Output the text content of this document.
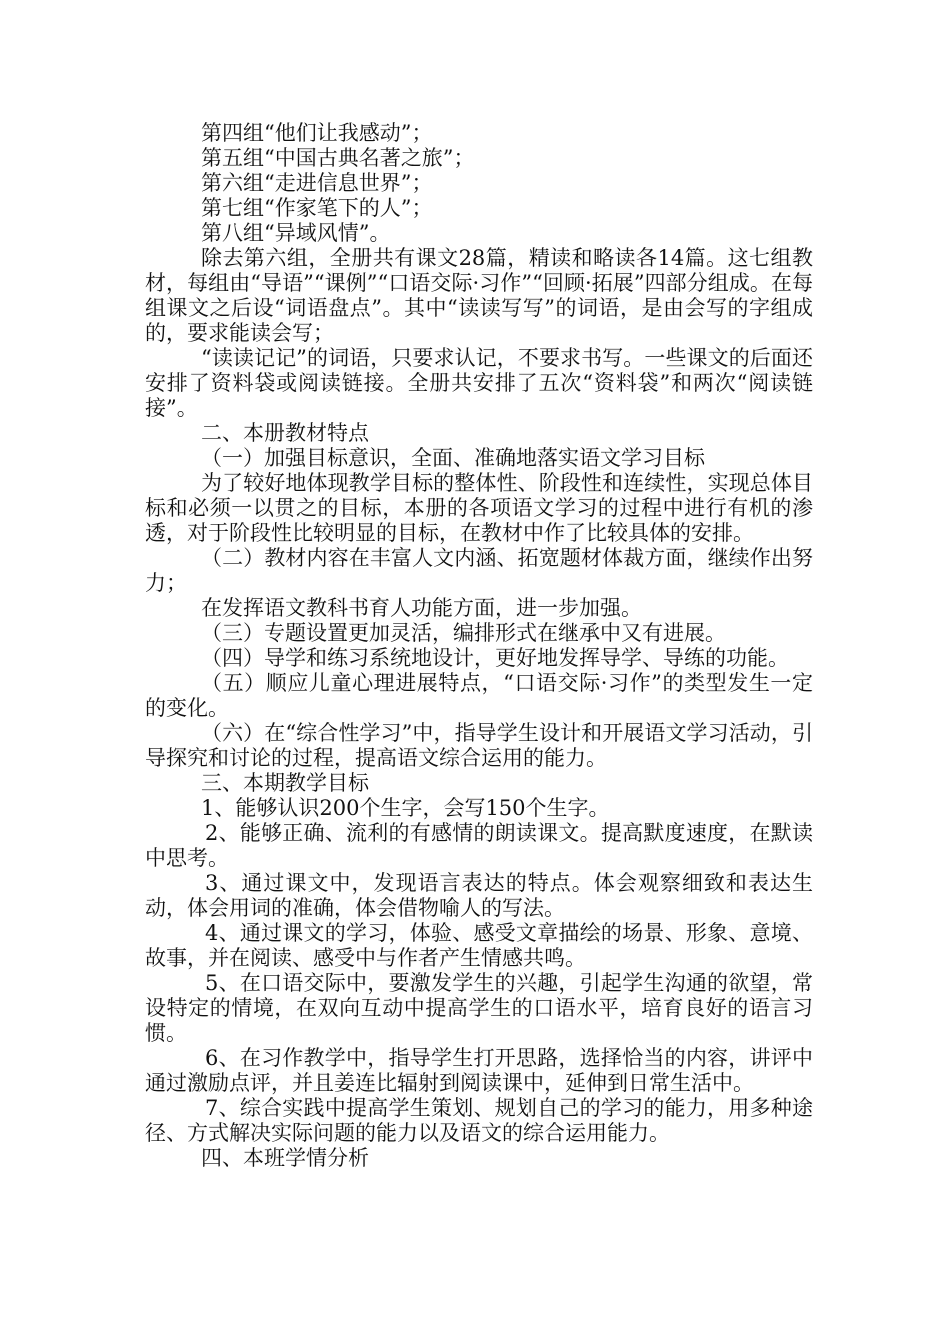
第四组“他们让我感动”；

第五组“中国古典名著之旅”；

第六组“走进信息世界”；

第七组“作家笔下的人”；

第八组“异域风情”。

除去第六组，全册共有课文28篇，精读和略读各14篇。这七组教材，每组由“导语”“课例”“口语交际·习作”“回顾·拓展”四部分组成。在每组课文之后设“词语盘点”。其中“读读写写”的词语，是由会写的字组成的，要求能读会写；

“读读记记”的词语，只要求认记，不要求书写。一些课文的后面还安排了资料袋或阅读链接。全册共安排了五次“资料袋”和两次“阅读链接”。

二、本册教材特点

（一）加强目标意识，全面、准确地落实语文学习目标

为了较好地体现教学目标的整体性、阶段性和连续性，实现总体目标和必须一以贯之的目标，本册的各项语文学习的过程中进行有机的渗透，对于阶段性比较明显的目标，在教材中作了比较具体的安排。

（二）教材内容在丰富人文内涵、拓宽题材体裁方面，继续作出努力；

在发挥语文教科书育人功能方面，进一步加强。

（三）专题设置更加灵活，编排形式在继承中又有进展。

（四）导学和练习系统地设计，更好地发挥导学、导练的功能。

（五）顺应儿童心理进展特点，“口语交际·习作”的类型发生一定的变化。

（六）在“综合性学习”中，指导学生设计和开展语文学习活动，引导探究和讨论的过程，提高语文综合运用的能力。

三、本期教学目标

1、能够认识200个生字，会写150个生字。

2、能够正确、流利的有感情的朗读课文。提高默度速度，在默读中思考。

3、通过课文中，发现语言表达的特点。体会观察细致和表达生动，体会用词的准确，体会借物喻人的写法。

4、通过课文的学习，体验、感受文章描绘的场景、形象、意境、故事，并在阅读、感受中与作者产生情感共鸣。

5、在口语交际中，要激发学生的兴趣，引起学生沟通的欲望，常设特定的情境，在双向互动中提高学生的口语水平，培育良好的语言习惯。

6、在习作教学中，指导学生打开思路，选择恰当的内容，讲评中通过激励点评，并且姜连比辐射到阅读课中，延伸到日常生活中。

7、综合实践中提高学生策划、规划自己的学习的能力，用多种途径、方式解决实际问题的能力以及语文的综合运用能力。

四、本班学情分析
